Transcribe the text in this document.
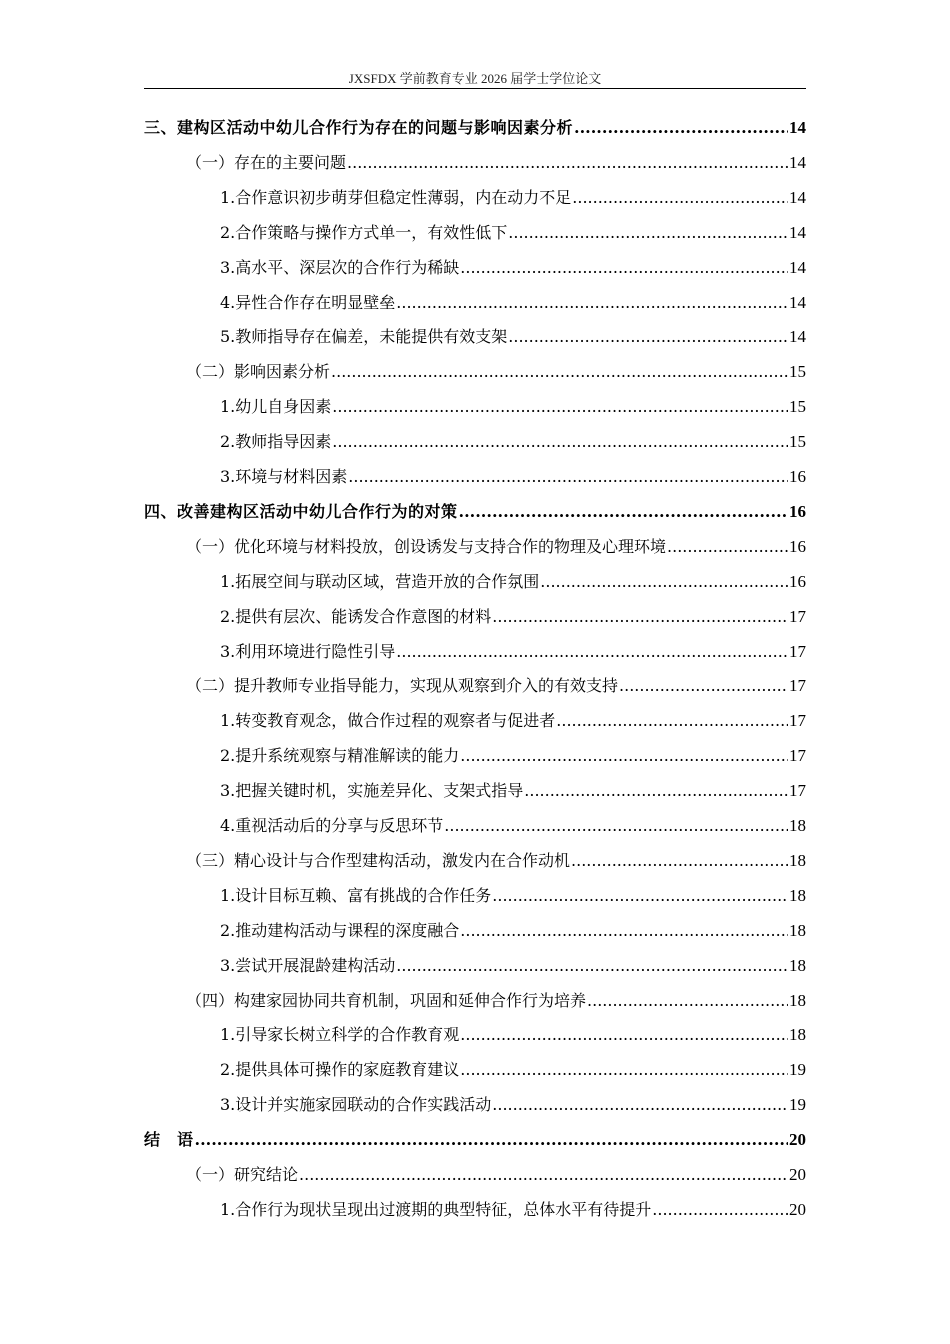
JXSFDX 学前教育专业 2026 届学士学位论文
三、建构区活动中幼儿合作行为存在的问题与影响因素分析 .....	14
（一）存在的主要问题 .....	14
1.合作意识初步萌芽但稳定性薄弱，内在动力不足 .....	14
2.合作策略与操作方式单一，有效性低下 .....	14
3.高水平、深层次的合作行为稀缺 .....	14
4.异性合作存在明显壁垒 .....	14
5.教师指导存在偏差，未能提供有效支架 .....	14
（二）影响因素分析 .....	15
1.幼儿自身因素 .....	15
2.教师指导因素 .....	15
3.环境与材料因素 .....	16
四、改善建构区活动中幼儿合作行为的对策 .....	16
（一）优化环境与材料投放，创设诱发与支持合作的物理及心理环境 .....	16
1.拓展空间与联动区域，营造开放的合作氛围 .....	16
2.提供有层次、能诱发合作意图的材料 .....	17
3.利用环境进行隐性引导 .....	17
（二）提升教师专业指导能力，实现从观察到介入的有效支持 .....	17
1.转变教育观念，做合作过程的观察者与促进者 .....	17
2.提升系统观察与精准解读的能力 .....	17
3.把握关键时机，实施差异化、支架式指导 .....	17
4.重视活动后的分享与反思环节 .....	18
（三）精心设计与合作型建构活动，激发内在合作动机 .....	18
1.设计目标互赖、富有挑战的合作任务 .....	18
2.推动建构活动与课程的深度融合 .....	18
3.尝试开展混龄建构活动 .....	18
（四）构建家园协同共育机制，巩固和延伸合作行为培养 .....	18
1.引导家长树立科学的合作教育观 .....	18
2.提供具体可操作的家庭教育建议 .....	19
3.设计并实施家园联动的合作实践活动 .....	19
结　语 .....	20
（一）研究结论 .....	20
1.合作行为现状呈现出过渡期的典型特征，总体水平有待提升 .....	20
